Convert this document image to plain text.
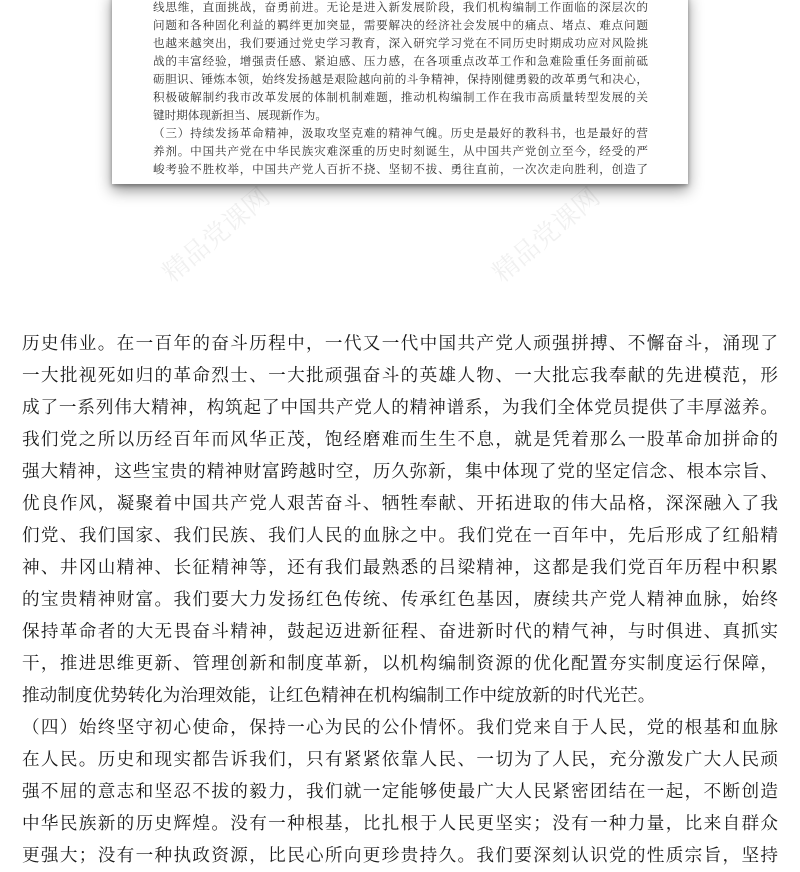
线思维，直面挑战，奋勇前进。无论是进入新发展阶段，我们机构编制工作面临的深层次的
问题和各种固化利益的羁绊更加突显，需要解决的经济社会发展中的痛点、堵点、难点问题
也越来越突出，我们要通过党史学习教育，深入研究学习党在不同历史时期成功应对风险挑
战的丰富经验，增强责任感、紧迫感、压力感，在各项重点改革工作和急难险重任务面前砥
砺胆识、锤炼本领，始终发扬越是艰险越向前的斗争精神，保持刚健勇毅的改革勇气和决心，
积极破解制约我市改革发展的体制机制难题，推动机构编制工作在我市高质量转型发展的关
键时期体现新担当、展现新作为。
（三）持续发扬革命精神，汲取攻坚克难的精神气魄。历史是最好的教科书，也是最好的营
养剂。中国共产党在中华民族灾难深重的历史时刻诞生，从中国共产党创立至今，经受的严
峻考验不胜枚举，中国共产党人百折不挠、坚韧不拔、勇往直前，一次次走向胜利，创造了
精品党课网	精品党课网
历史伟业。在一百年的奋斗历程中，一代又一代中国共产党人顽强拼搏、不懈奋斗，涌现了
一大批视死如归的革命烈士、一大批顽强奋斗的英雄人物、一大批忘我奉献的先进模范，形
成了一系列伟大精神，构筑起了中国共产党人的精神谱系，为我们全体党员提供了丰厚滋养。
我们党之所以历经百年而风华正茂，饱经磨难而生生不息，就是凭着那么一股革命加拼命的
强大精神，这些宝贵的精神财富跨越时空，历久弥新，集中体现了党的坚定信念、根本宗旨、
优良作风，凝聚着中国共产党人艰苦奋斗、牺牲奉献、开拓进取的伟大品格，深深融入了我
们党、我们国家、我们民族、我们人民的血脉之中。我们党在一百年中，先后形成了红船精
神、井冈山精神、长征精神等，还有我们最熟悉的吕梁精神，这都是我们党百年历程中积累
的宝贵精神财富。我们要大力发扬红色传统、传承红色基因，赓续共产党人精神血脉，始终
保持革命者的大无畏奋斗精神，鼓起迈进新征程、奋进新时代的精气神，与时俱进、真抓实
干，推进思维更新、管理创新和制度革新，以机构编制资源的优化配置夯实制度运行保障，
推动制度优势转化为治理效能，让红色精神在机构编制工作中绽放新的时代光芒。
（四）始终坚守初心使命，保持一心为民的公仆情怀。我们党来自于人民，党的根基和血脉
在人民。历史和现实都告诉我们，只有紧紧依靠人民、一切为了人民，充分激发广大人民顽
强不屈的意志和坚忍不拔的毅力，我们就一定能够使最广大人民紧密团结在一起，不断创造
中华民族新的历史辉煌。没有一种根基，比扎根于人民更坚实；没有一种力量，比来自群众
更强大；没有一种执政资源，比民心所向更珍贵持久。我们要深刻认识党的性质宗旨，坚持
